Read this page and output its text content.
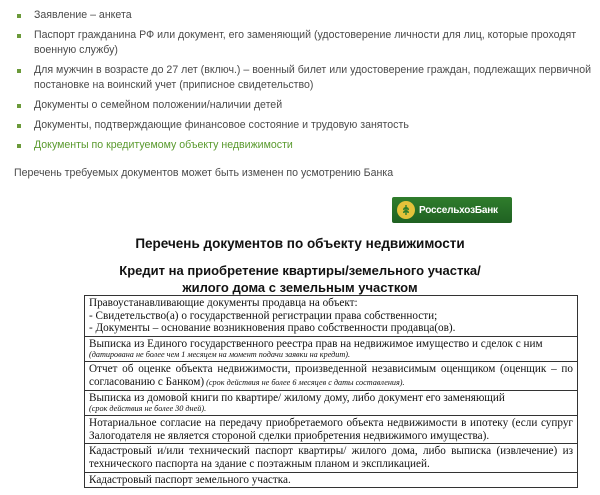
Заявление – анкета
Паспорт гражданина РФ или документ, его заменяющий (удостоверение личности для лиц, которые проходят военную службу)
Для мужчин в возрасте до 27 лет (включ.) – военный билет или удостоверение граждан, подлежащих первичной постановке на воинский учет (приписное свидетельство)
Документы о семейном положении/наличии детей
Документы, подтверждающие финансовое состояние и трудовую занятость
Документы по кредитуемому объекту недвижимости
Перечень требуемых документов может быть изменен по усмотрению Банка
РоссельхозБанк
Перечень документов по объекту недвижимости
Кредит на приобретение квартиры/земельного участка/
жилого дома с земельным участком
Правоустанавливающие документы продавца на объект:
- Свидетельство(а) о государственной регистрации права собственности;
- Документы – основание возникновения право собственности продавца(ов).

Выписка из Единого государственного реестра прав на недвижимое имущество и сделок с ним
(датирована не более чем 1 месяцем на момент подачи заявки на кредит).

Отчет об оценке объекта недвижимости, произведенной независимым оценщиком (оценщик – по согласованию с Банком) (срок действия не более 6 месяцев с даты составления).

Выписка из домовой книги по квартире/ жилому дому, либо документ его заменяющий
(срок действия не более 30 дней).

Нотариальное согласие на передачу приобретаемого объекта недвижимости в ипотеку (если супруг Залогодателя не является стороной сделки приобретения недвижимого имущества).
Кадастровый и/или технический паспорт квартиры/ жилого дома, либо выписка (извлечение) из технического паспорта на здание с поэтажным планом и экспликацией.
Кадастровый паспорт земельного участка.
